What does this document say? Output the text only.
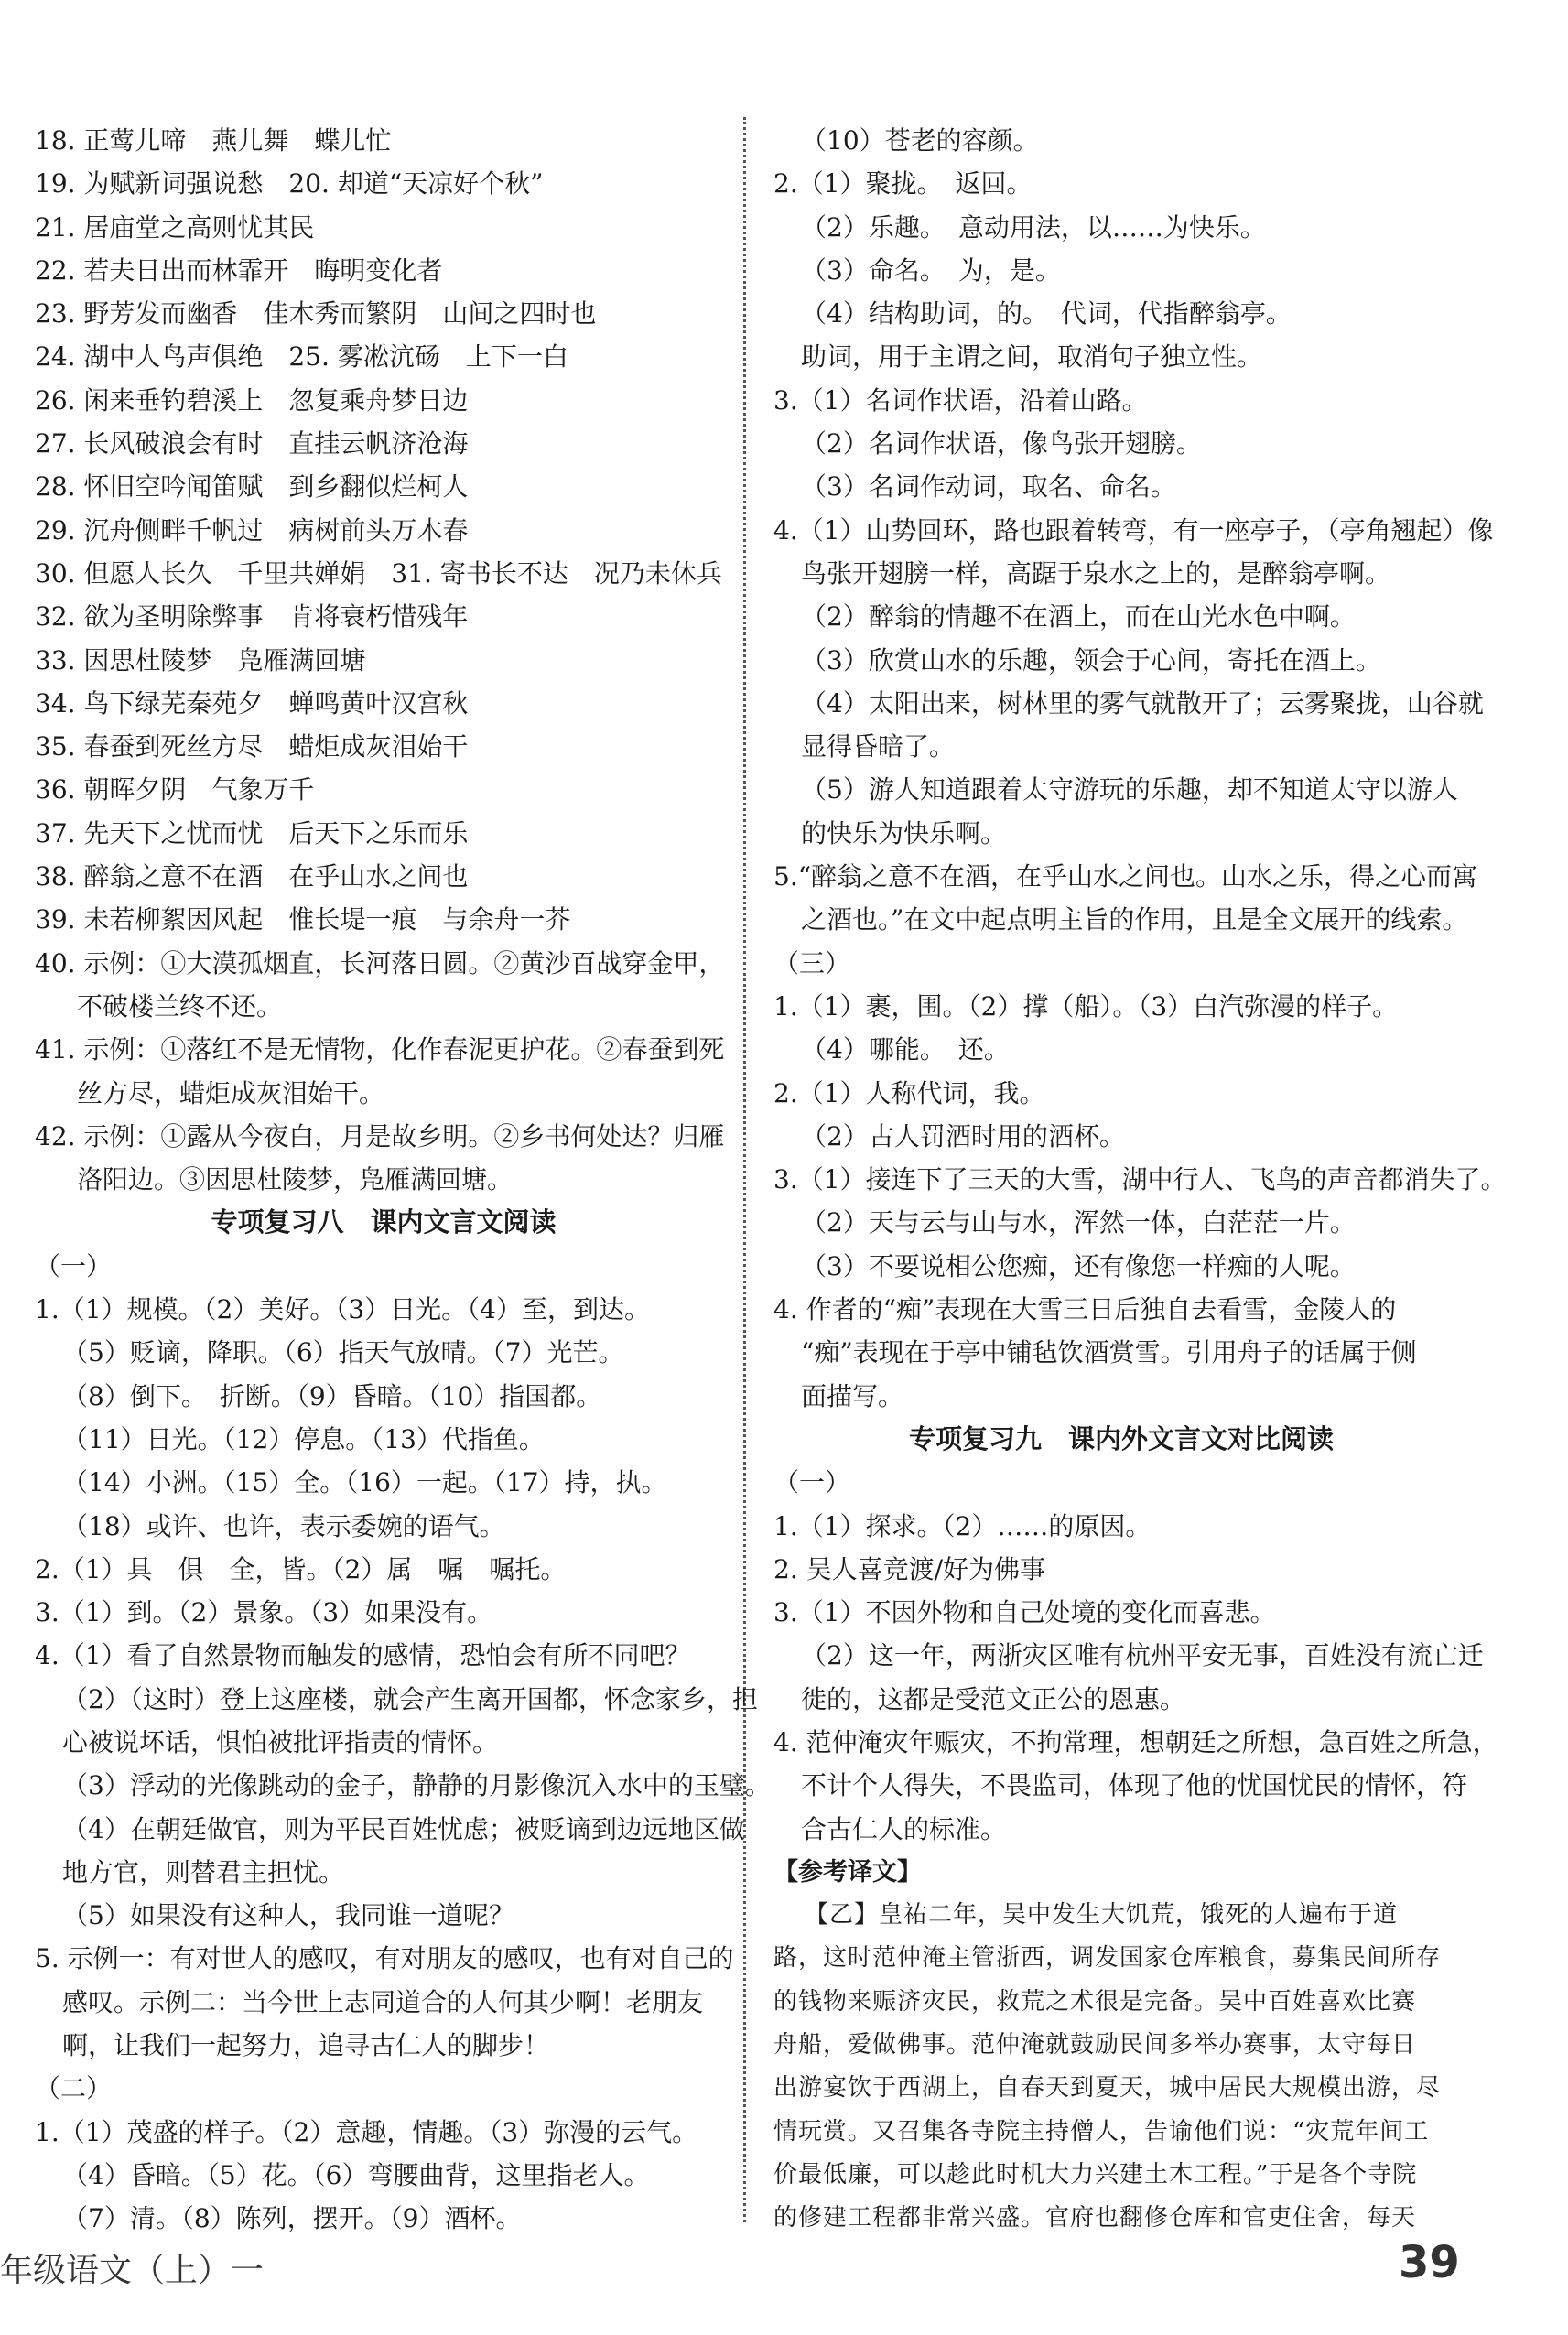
18. 正莺儿啼　燕儿舞　蝶儿忙
19. 为赋新词强说愁　20. 却道“天凉好个秋”
21. 居庙堂之高则忧其民
22. 若夫日出而林霏开　晦明变化者
23. 野芳发而幽香　佳木秀而繁阴　山间之四时也
24. 湖中人鸟声俱绝　25. 雾凇沆砀　上下一白
26. 闲来垂钓碧溪上　忽复乘舟梦日边
27. 长风破浪会有时　直挂云帆济沧海
28. 怀旧空吟闻笛赋　到乡翻似烂柯人
29. 沉舟侧畔千帆过　病树前头万木春
30. 但愿人长久　千里共婵娟　31. 寄书长不达　况乃未休兵
32. 欲为圣明除弊事　肯将衰朽惜残年
33. 因思杜陵梦　凫雁满回塘
34. 鸟下绿芜秦苑夕　蝉鸣黄叶汉宫秋
35. 春蚕到死丝方尽　蜡炬成灰泪始干
36. 朝晖夕阴　气象万千
37. 先天下之忧而忧　后天下之乐而乐
38. 醉翁之意不在酒　在乎山水之间也
39. 未若柳絮因风起　惟长堤一痕　与余舟一芥
40. 示例：①大漠孤烟直，长河落日圆。②黄沙百战穿金甲，
不破楼兰终不还。
41. 示例：①落红不是无情物，化作春泥更护花。②春蚕到死
丝方尽，蜡炬成灰泪始干。
42. 示例：①露从今夜白，月是故乡明。②乡书何处达？归雁
洛阳边。③因思杜陵梦，凫雁满回塘。
专项复习八　课内文言文阅读
（一）
1.（1）规模。（2）美好。（3）日光。（4）至，到达。
（5）贬谪，降职。（6）指天气放晴。（7）光芒。
（8）倒下。　折断。（9）昏暗。（10）指国都。
（11）日光。（12）停息。（13）代指鱼。
（14）小洲。（15）全。（16）一起。（17）持，执。
（18）或许、也许，表示委婉的语气。
2.（1）具　俱　全，皆。（2）属　嘱　嘱托。
3.（1）到。（2）景象。（3）如果没有。
4.（1）看了自然景物而触发的感情，恐怕会有所不同吧？
（2）（这时）登上这座楼，就会产生离开国都，怀念家乡，担
心被说坏话，惧怕被批评指责的情怀。
（3）浮动的光像跳动的金子，静静的月影像沉入水中的玉璧。
（4）在朝廷做官，则为平民百姓忧虑；被贬谪到边远地区做
地方官，则替君主担忧。
（5）如果没有这种人，我同谁一道呢？
5. 示例一：有对世人的感叹，有对朋友的感叹，也有对自己的
感叹。示例二：当今世上志同道合的人何其少啊！老朋友
啊，让我们一起努力，追寻古仁人的脚步！
（二）
1.（1）茂盛的样子。（2）意趣，情趣。（3）弥漫的云气。
（4）昏暗。（5）花。（6）弯腰曲背，这里指老人。
（7）清。（8）陈列，摆开。（9）酒杯。
（10）苍老的容颜。
2.（1）聚拢。　返回。
（2）乐趣。　意动用法，以……为快乐。
（3）命名。　为，是。
（4）结构助词，的。　代词，代指醉翁亭。
助词，用于主谓之间，取消句子独立性。
3.（1）名词作状语，沿着山路。
（2）名词作状语，像鸟张开翅膀。
（3）名词作动词，取名、命名。
4.（1）山势回环，路也跟着转弯，有一座亭子，（亭角翘起）像
鸟张开翅膀一样，高踞于泉水之上的，是醉翁亭啊。
（2）醉翁的情趣不在酒上，而在山光水色中啊。
（3）欣赏山水的乐趣，领会于心间，寄托在酒上。
（4）太阳出来，树林里的雾气就散开了；云雾聚拢，山谷就
显得昏暗了。
（5）游人知道跟着太守游玩的乐趣，却不知道太守以游人
的快乐为快乐啊。
5.“醉翁之意不在酒，在乎山水之间也。山水之乐，得之心而寓
之酒也。”在文中起点明主旨的作用，且是全文展开的线索。
（三）
1.（1）裹，围。（2）撑（船）。（3）白汽弥漫的样子。
（4）哪能。　还。
2.（1）人称代词，我。
（2）古人罚酒时用的酒杯。
3.（1）接连下了三天的大雪，湖中行人、飞鸟的声音都消失了。
（2）天与云与山与水，浑然一体，白茫茫一片。
（3）不要说相公您痴，还有像您一样痴的人呢。
4. 作者的“痴”表现在大雪三日后独自去看雪，金陵人的
“痴”表现在于亭中铺毡饮酒赏雪。引用舟子的话属于侧
面描写。
专项复习九　课内外文言文对比阅读
（一）
1.（1）探求。（2）……的原因。
2. 吴人喜竞渡/好为佛事
3.（1）不因外物和自己处境的变化而喜悲。
（2）这一年，两浙灾区唯有杭州平安无事，百姓没有流亡迁
徙的，这都是受范文正公的恩惠。
4. 范仲淹灾年赈灾，不拘常理，想朝廷之所想，急百姓之所急，
不计个人得失，不畏监司，体现了他的忧国忧民的情怀，符
合古仁人的标准。
【参考译文】
【乙】皇祐二年，吴中发生大饥荒，饿死的人遍布于道
路，这时范仲淹主管浙西，调发国家仓库粮食，募集民间所存
的钱物来赈济灾民，救荒之术很是完备。吴中百姓喜欢比赛
舟船，爱做佛事。范仲淹就鼓励民间多举办赛事，太守每日
出游宴饮于西湖上，自春天到夏天，城中居民大规模出游，尽
情玩赏。又召集各寺院主持僧人，告谕他们说：“灾荒年间工
价最低廉，可以趁此时机大力兴建土木工程。”于是各个寺院
的修建工程都非常兴盛。官府也翻修仓库和官吏住舍，每天
年级语文（上）一	39
